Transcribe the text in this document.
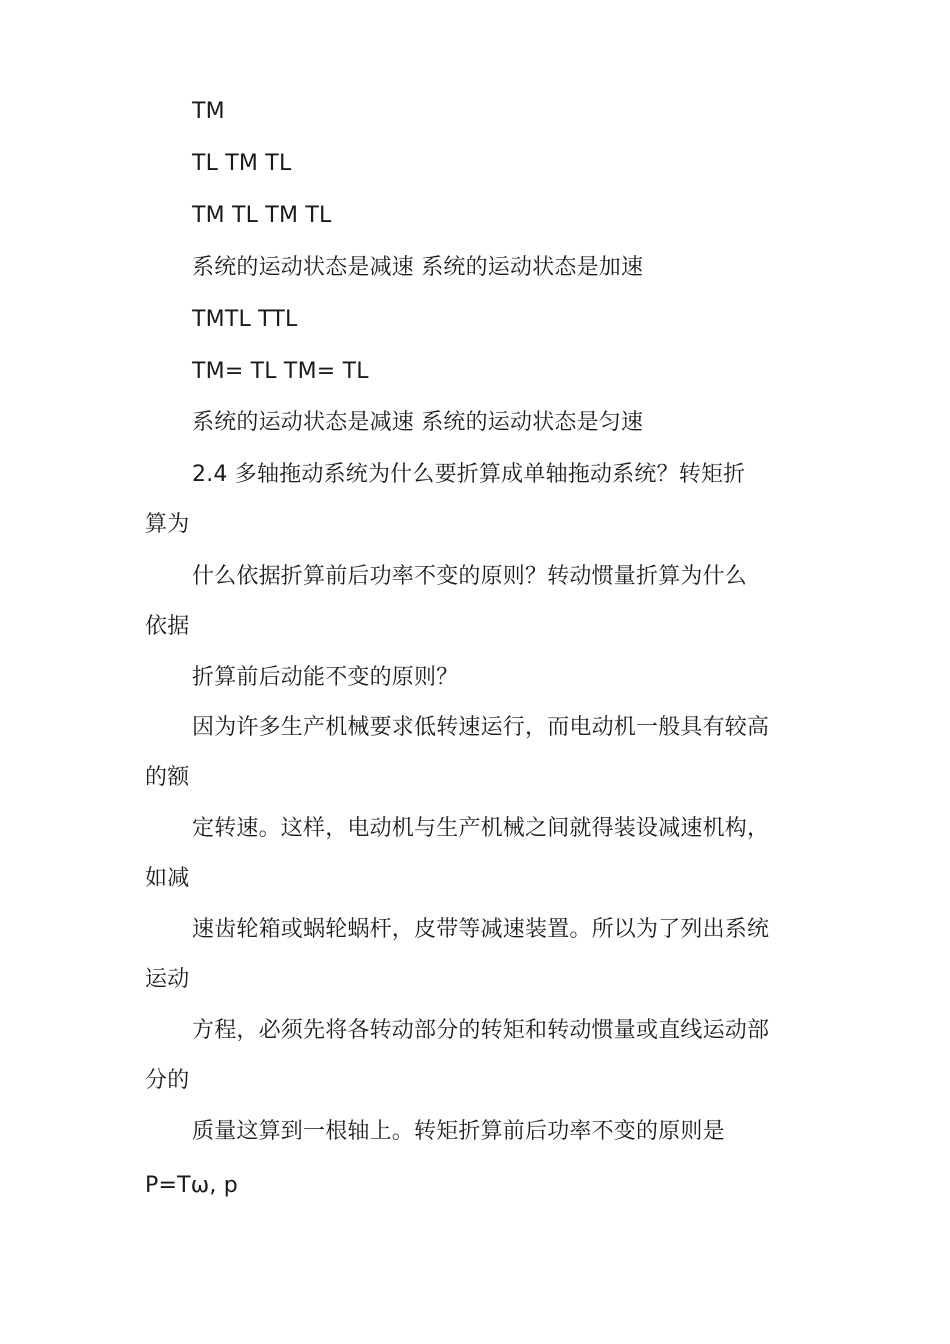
TM
TL TM TL
TM TL TM TL
系统的运动状态是减速 系统的运动状态是加速
TMTL TTL
TM= TL TM= TL
系统的运动状态是减速 系统的运动状态是匀速
2.4 多轴拖动系统为什么要折算成单轴拖动系统？转矩折
算为
什么依据折算前后功率不变的原则？转动惯量折算为什么
依据
折算前后动能不变的原则？
因为许多生产机械要求低转速运行，而电动机一般具有较高
的额
定转速。这样，电动机与生产机械之间就得装设减速机构，
如减
速齿轮箱或蜗轮蜗杆，皮带等减速装置。所以为了列出系统
运动
方程，必须先将各转动部分的转矩和转动惯量或直线运动部
分的
质量这算到一根轴上。转矩折算前后功率不变的原则是
P=Tω, p
